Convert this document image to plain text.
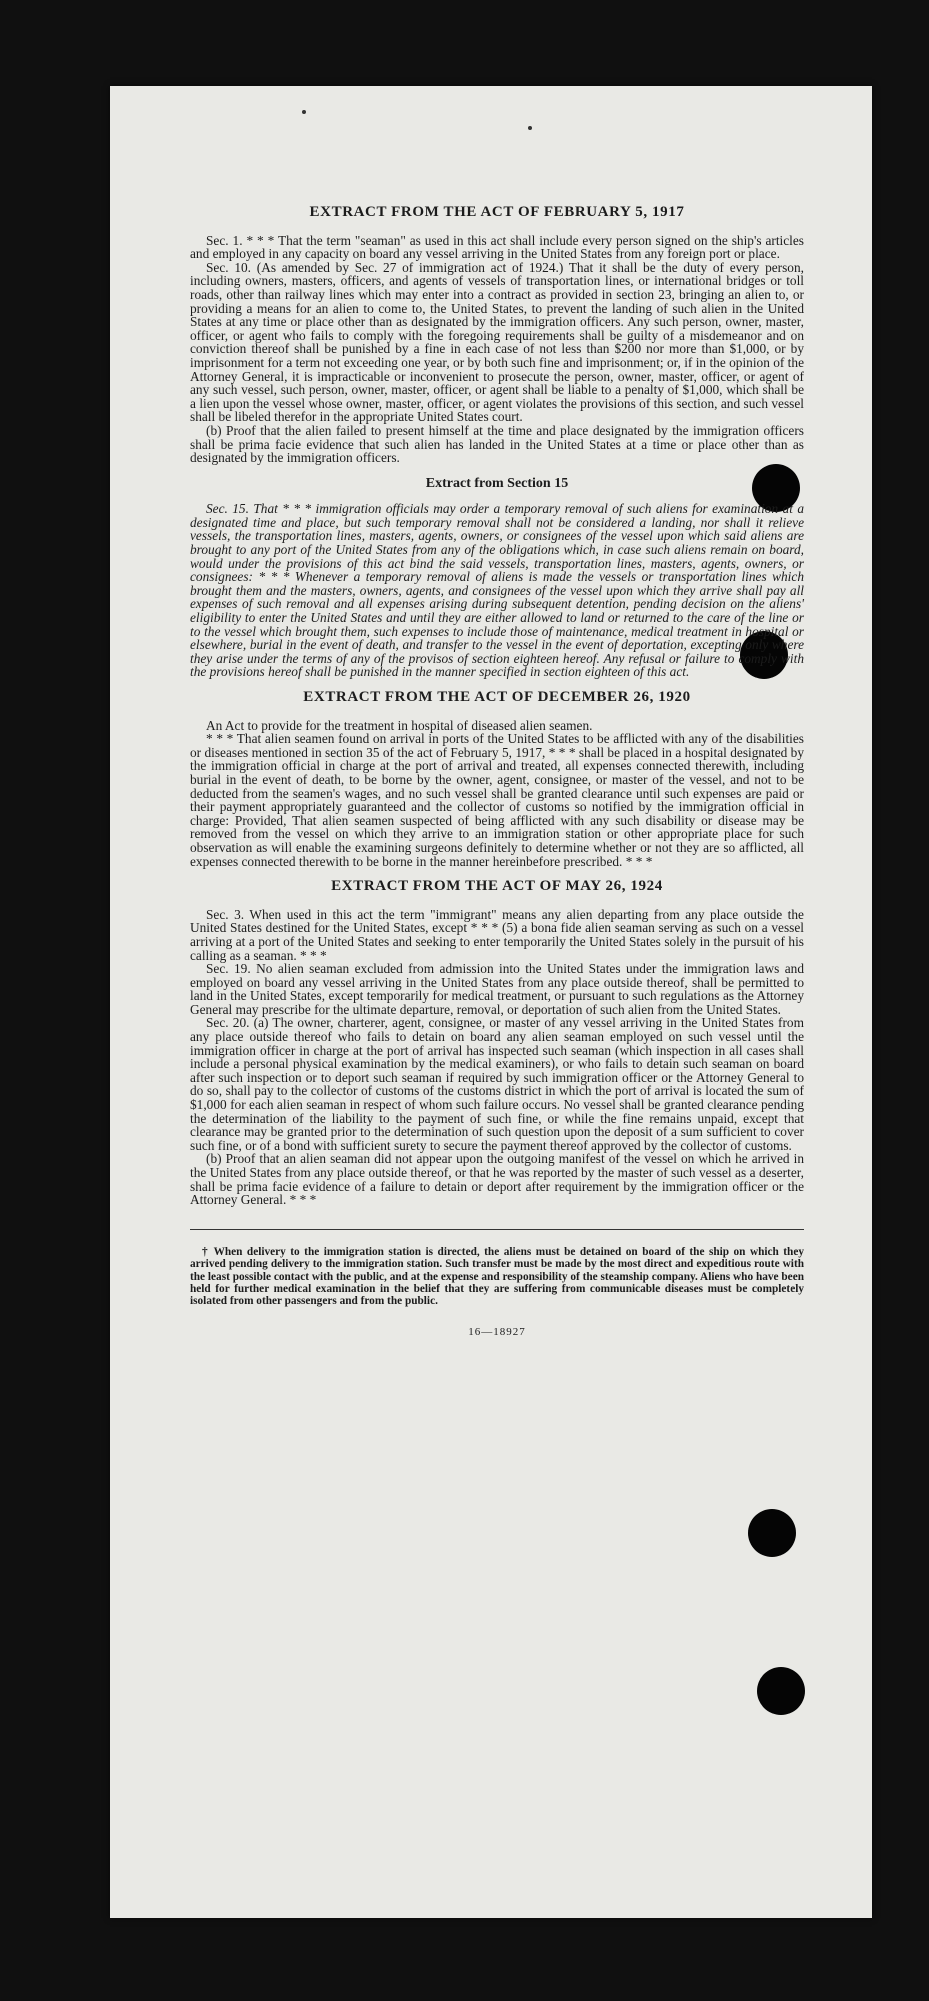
EXTRACT FROM THE ACT OF FEBRUARY 5, 1917

Sec. 1. * * * That the term "seaman" as used in this act shall include every person signed on the ship's articles and employed in any capacity on board any vessel arriving in the United States from any foreign port or place.

Sec. 10. (As amended by Sec. 27 of immigration act of 1924.) That it shall be the duty of every person, including owners, masters, officers, and agents of vessels of transportation lines, or international bridges or toll roads, other than railway lines which may enter into a contract as provided in section 23, bringing an alien to, or providing a means for an alien to come to, the United States, to prevent the landing of such alien in the United States at any time or place other than as designated by the immigration officers. Any such person, owner, master, officer, or agent who fails to comply with the foregoing requirements shall be guilty of a misdemeanor and on conviction thereof shall be punished by a fine in each case of not less than $200 nor more than $1,000, or by imprisonment for a term not exceeding one year, or by both such fine and imprisonment; or, if in the opinion of the Attorney General, it is impracticable or inconvenient to prosecute the person, owner, master, officer, or agent of any such vessel, such person, owner, master, officer, or agent shall be liable to a penalty of $1,000, which shall be a lien upon the vessel whose owner, master, officer, or agent violates the provisions of this section, and such vessel shall be libeled therefor in the appropriate United States court.

(b) Proof that the alien failed to present himself at the time and place designated by the immigration officers shall be prima facie evidence that such alien has landed in the United States at a time or place other than as designated by the immigration officers.

Extract from Section 15

Sec. 15. That * * * immigration officials may order a temporary removal of such aliens for examination at a designated time and place, but such temporary removal shall not be considered a landing, nor shall it relieve vessels, the transportation lines, masters, agents, owners, or consignees of the vessel upon which said aliens are brought to any port of the United States from any of the obligations which, in case such aliens remain on board, would under the provisions of this act bind the said vessels, transportation lines, masters, agents, owners, or consignees: * * * Whenever a temporary removal of aliens is made the vessels or transportation lines which brought them and the masters, owners, agents, and consignees of the vessel upon which they arrive shall pay all expenses of such removal and all expenses arising during subsequent detention, pending decision on the aliens' eligibility to enter the United States and until they are either allowed to land or returned to the care of the line or to the vessel which brought them, such expenses to include those of maintenance, medical treatment in hospital or elsewhere, burial in the event of death, and transfer to the vessel in the event of deportation, excepting only where they arise under the terms of any of the provisos of section eighteen hereof. Any refusal or failure to comply with the provisions hereof shall be punished in the manner specified in section eighteen of this act.

EXTRACT FROM THE ACT OF DECEMBER 26, 1920

An Act to provide for the treatment in hospital of diseased alien seamen.

* * * That alien seamen found on arrival in ports of the United States to be afflicted with any of the disabilities or diseases mentioned in section 35 of the act of February 5, 1917, * * * shall be placed in a hospital designated by the immigration official in charge at the port of arrival and treated, all expenses connected therewith, including burial in the event of death, to be borne by the owner, agent, consignee, or master of the vessel, and not to be deducted from the seamen's wages, and no such vessel shall be granted clearance until such expenses are paid or their payment appropriately guaranteed and the collector of customs so notified by the immigration official in charge: Provided, That alien seamen suspected of being afflicted with any such disability or disease may be removed from the vessel on which they arrive to an immigration station or other appropriate place for such observation as will enable the examining surgeons definitely to determine whether or not they are so afflicted, all expenses connected therewith to be borne in the manner hereinbefore prescribed. * * *

EXTRACT FROM THE ACT OF MAY 26, 1924

Sec. 3. When used in this act the term "immigrant" means any alien departing from any place outside the United States destined for the United States, except * * * (5) a bona fide alien seaman serving as such on a vessel arriving at a port of the United States and seeking to enter temporarily the United States solely in the pursuit of his calling as a seaman. * * *

Sec. 19. No alien seaman excluded from admission into the United States under the immigration laws and employed on board any vessel arriving in the United States from any place outside thereof, shall be permitted to land in the United States, except temporarily for medical treatment, or pursuant to such regulations as the Attorney General may prescribe for the ultimate departure, removal, or deportation of such alien from the United States.

Sec. 20. (a) The owner, charterer, agent, consignee, or master of any vessel arriving in the United States from any place outside thereof who fails to detain on board any alien seaman employed on such vessel until the immigration officer in charge at the port of arrival has inspected such seaman (which inspection in all cases shall include a personal physical examination by the medical examiners), or who fails to detain such seaman on board after such inspection or to deport such seaman if required by such immigration officer or the Attorney General to do so, shall pay to the collector of customs of the customs district in which the port of arrival is located the sum of $1,000 for each alien seaman in respect of whom such failure occurs. No vessel shall be granted clearance pending the determination of the liability to the payment of such fine, or while the fine remains unpaid, except that clearance may be granted prior to the determination of such question upon the deposit of a sum sufficient to cover such fine, or of a bond with sufficient surety to secure the payment thereof approved by the collector of customs.

(b) Proof that an alien seaman did not appear upon the outgoing manifest of the vessel on which he arrived in the United States from any place outside thereof, or that he was reported by the master of such vessel as a deserter, shall be prima facie evidence of a failure to detain or deport after requirement by the immigration officer or the Attorney General. * * *

† When delivery to the immigration station is directed, the aliens must be detained on board of the ship on which they arrived pending delivery to the immigration station. Such transfer must be made by the most direct and expeditious route with the least possible contact with the public, and at the expense and responsibility of the steamship company. Aliens who have been held for further medical examination in the belief that they are suffering from communicable diseases must be completely isolated from other passengers and from the public.

16—18927
